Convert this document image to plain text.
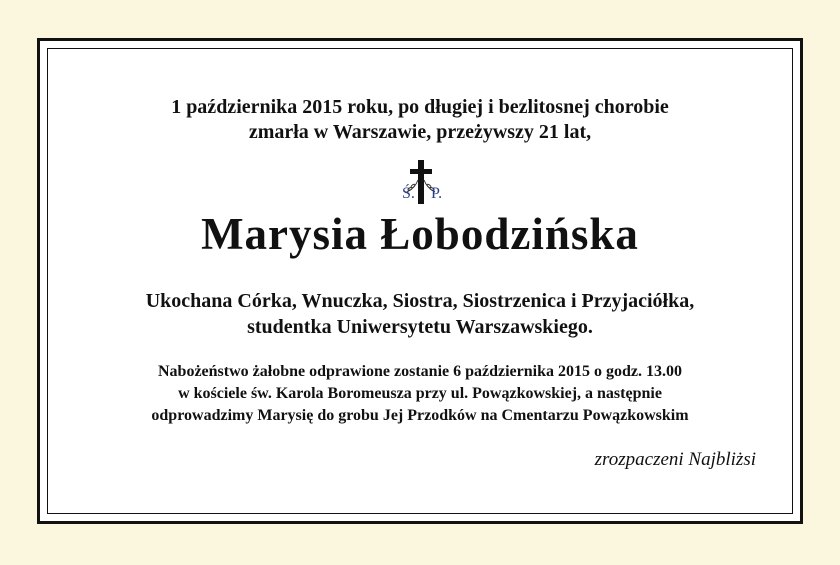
1 października 2015 roku, po długiej i bezlitosnej chorobie
zmarła w Warszawie, przeżywszy 21 lat,
Ś. P.
Marysia Łobodzińska
Ukochana Córka, Wnuczka, Siostra, Siostrzenica i Przyjaciółka,
studentka Uniwersytetu Warszawskiego.
Nabożeństwo żałobne odprawione zostanie 6 października 2015 o godz. 13.00
w kościele św. Karola Boromeusza przy ul. Powązkowskiej, a następnie
odprowadzimy Marysię do grobu Jej Przodków na Cmentarzu Powązkowskim
zrozpaczeni Najbliżsi
